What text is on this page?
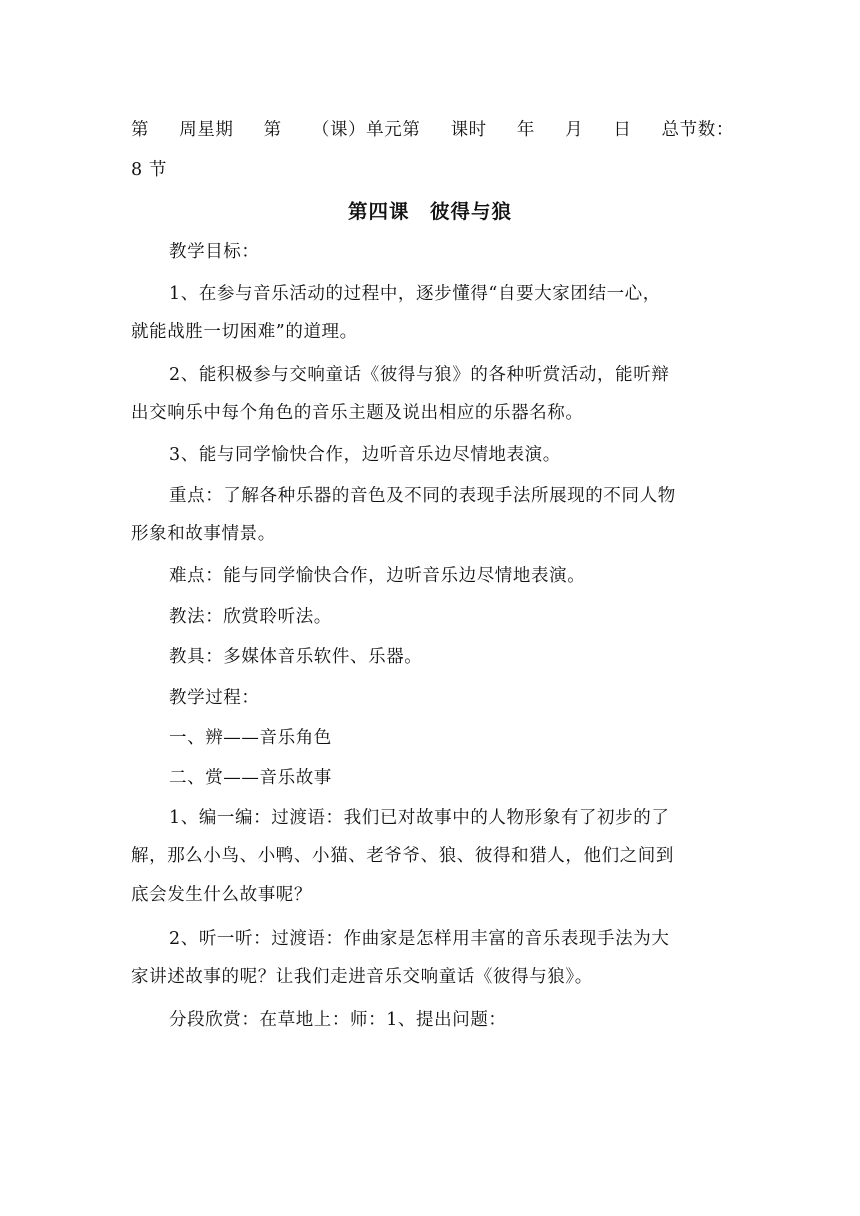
第 周星期 第 （课）单元第 课时 年 月 日 总节数：
8 节
第四课　彼得与狼
教学目标：
1、在参与音乐活动的过程中，逐步懂得“自要大家团结一心，
就能战胜一切困难”的道理。
2、能积极参与交响童话《彼得与狼》的各种听赏活动，能听辩
出交响乐中每个角色的音乐主题及说出相应的乐器名称。
3、能与同学愉快合作，边听音乐边尽情地表演。
重点：了解各种乐器的音色及不同的表现手法所展现的不同人物
形象和故事情景。
难点：能与同学愉快合作，边听音乐边尽情地表演。
教法：欣赏聆听法。
教具：多媒体音乐软件、乐器。
教学过程：
一、辨——音乐角色
二、赏——音乐故事
1、编一编：过渡语：我们已对故事中的人物形象有了初步的了
解，那么小鸟、小鸭、小猫、老爷爷、狼、彼得和猎人，他们之间到
底会发生什么故事呢？
2、听一听：过渡语：作曲家是怎样用丰富的音乐表现手法为大
家讲述故事的呢？让我们走进音乐交响童话《彼得与狼》。
分段欣赏：在草地上：师：1、提出问题：
